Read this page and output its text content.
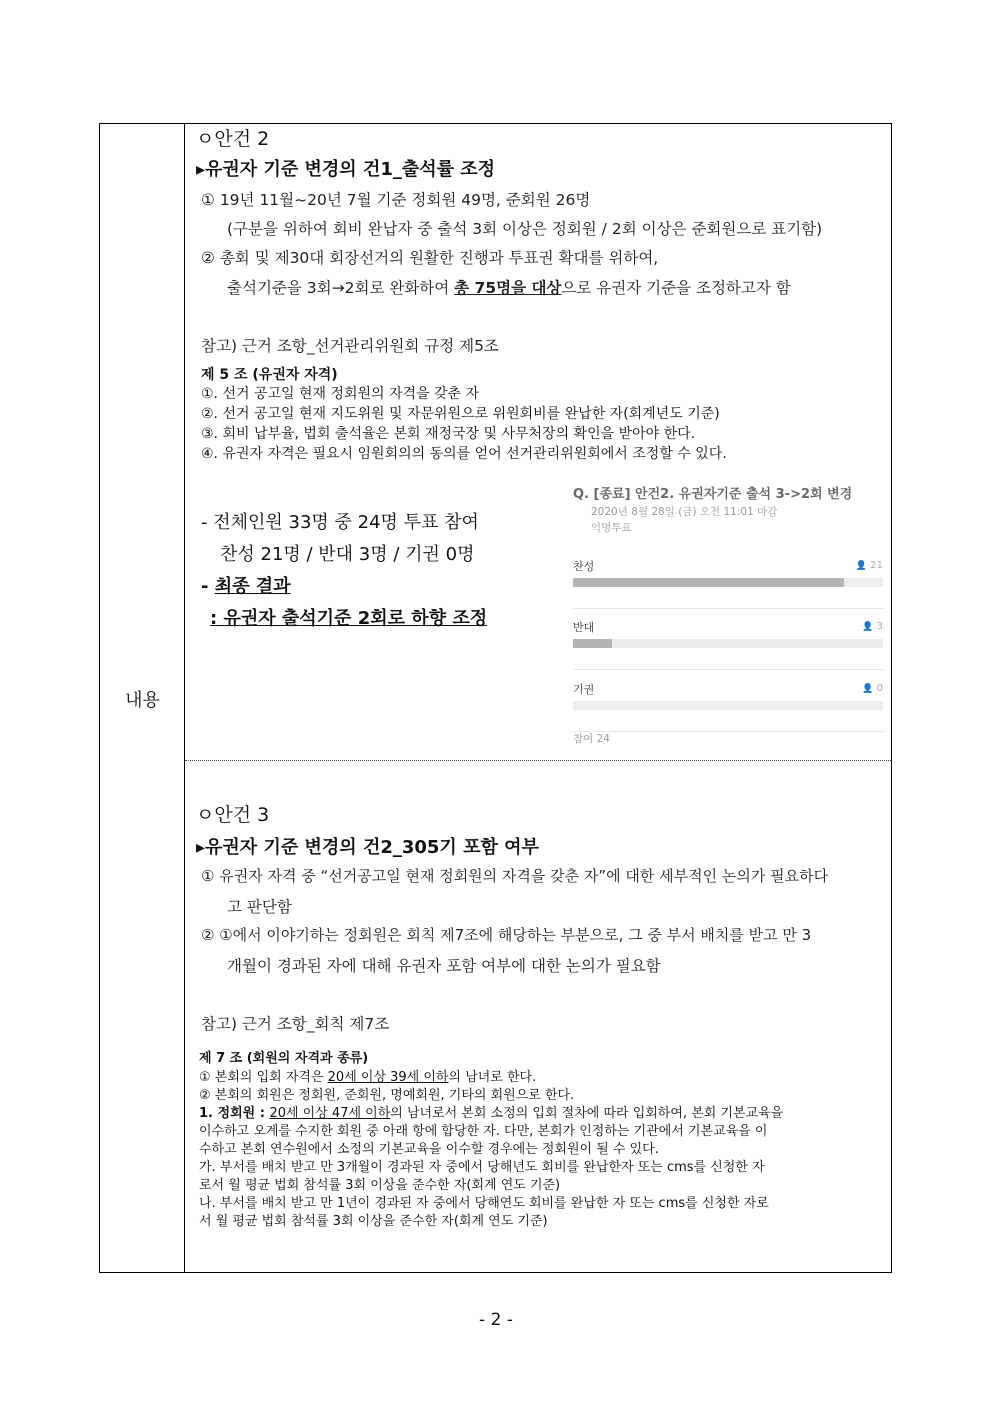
내용
ㅇ안건 2
▸유권자 기준 변경의 건1_출석률 조정
① 19년 11월~20년 7월 기준 정회원 49명, 준회원 26명
(구분을 위하여 회비 완납자 중 출석 3회 이상은 정회원 / 2회 이상은 준회원으로 표기함)
② 총회 및 제30대 회장선거의 원활한 진행과 투표권 확대를 위하여,
출석기준을 3회→2회로 완화하여 총 75명을 대상으로 유권자 기준을 조정하고자 함
참고) 근거 조항_선거관리위원회 규정 제5조
제 5 조 (유권자 자격)
①. 선거 공고일 현재 정회원의 자격을 갖춘 자
②. 선거 공고일 현재 지도위원 및 자문위원으로 위원회비를 완납한 자(회계년도 기준)
③. 회비 납부율, 법회 출석율은 본회 재정국장 및 사무처장의 확인을 받아야 한다.
④. 유권자 자격은 필요시 임원회의의 동의를 얻어 선거관리위원회에서 조정할 수 있다.
- 전체인원 33명 중 24명 투표 참여
찬성 21명 / 반대 3명 / 기권 0명
- 최종 결과
: 유권자 출석기준 2회로 하향 조정
Q. [종료] 안건2. 유권자기준 출석 3->2회 변경
2020년 8월 28일 (금) 오전 11:01 마감
익명투표
찬성	👤 21
반대	👤 3
기권	👤 0
참여 24
ㅇ안건 3
▸유권자 기준 변경의 건2_305기 포함 여부
① 유권자 자격 중 “선거공고일 현재 정회원의 자격을 갖춘 자”에 대한 세부적인 논의가 필요하다
고 판단함
② ①에서 이야기하는 정회원은 회칙 제7조에 해당하는 부분으로, 그 중 부서 배치를 받고 만 3
개월이 경과된 자에 대해 유권자 포함 여부에 대한 논의가 필요함
참고) 근거 조항_회칙 제7조
제 7 조 (회원의 자격과 종류)
① 본회의 입회 자격은 20세 이상 39세 이하의 남녀로 한다.
② 본회의 회원은 정회원, 준회원, 명예회원, 기타의 회원으로 한다.
1. 정회원 : 20세 이상 47세 이하의 남녀로서 본회 소정의 입회 절차에 따라 입회하여, 본회 기본교육을
이수하고 오계를 수지한 회원 중 아래 항에 합당한 자. 다만, 본회가 인정하는 기관에서 기본교육을 이
수하고 본회 연수원에서 소정의 기본교육을 이수할 경우에는 정회원이 될 수 있다.
가. 부서를 배치 받고 만 3개월이 경과된 자 중에서 당해년도 회비를 완납한자 또는 cms를 신청한 자
로서 월 평균 법회 참석률 3회 이상을 준수한 자(회계 연도 기준)
나. 부서를 배치 받고 만 1년이 경과된 자 중에서 당해연도 회비를 완납한 자 또는 cms를 신청한 자로
서 월 평균 법회 참석률 3회 이상을 준수한 자(회계 연도 기준)
- 2 -
